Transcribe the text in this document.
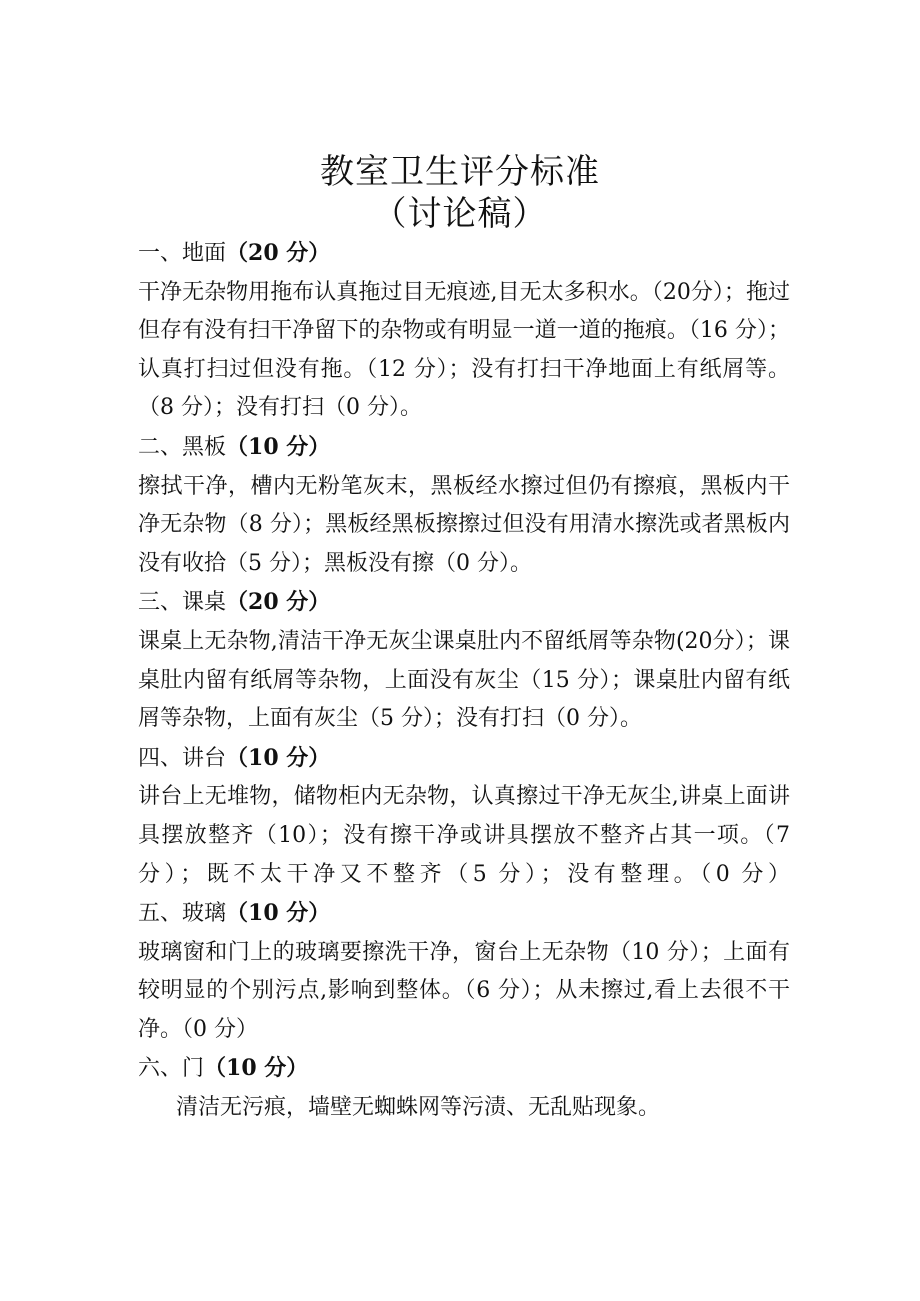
教室卫生评分标准
（讨论稿）

一、地面（20 分）

干净无杂物用拖布认真拖过目无痕迹,目无太多积水。（20分）；拖过但存有没有扫干净留下的杂物或有明显一道一道的拖痕。（16 分）；认真打扫过但没有拖。（12 分）；没有打扫干净地面上有纸屑等。（8 分）；没有打扫（0 分）。

二、黑板（10 分）

擦拭干净，槽内无粉笔灰末，黑板经水擦过但仍有擦痕，黑板内干净无杂物（8 分）；黑板经黑板擦擦过但没有用清水擦洗或者黑板内没有收拾（5 分）；黑板没有擦（0 分）。

三、课桌（20 分）

课桌上无杂物,清洁干净无灰尘课桌肚内不留纸屑等杂物(20分）；课桌肚内留有纸屑等杂物，上面没有灰尘（15 分）；课桌肚内留有纸屑等杂物，上面有灰尘（5 分）；没有打扫（0 分）。

四、讲台（10 分）

讲台上无堆物，储物柜内无杂物，认真擦过干净无灰尘,讲桌上面讲具摆放整齐（10）；没有擦干净或讲具摆放不整齐占其一项。（7 分）；既不太干净又不整齐（5 分）；没有整理。（0 分）五、玻璃（10 分）

玻璃窗和门上的玻璃要擦洗干净，窗台上无杂物（10 分）；上面有较明显的个别污点,影响到整体。（6 分）；从未擦过,看上去很不干净。（0 分）

六、门（10 分）

清洁无污痕，墙壁无蜘蛛网等污渍、无乱贴现象。
